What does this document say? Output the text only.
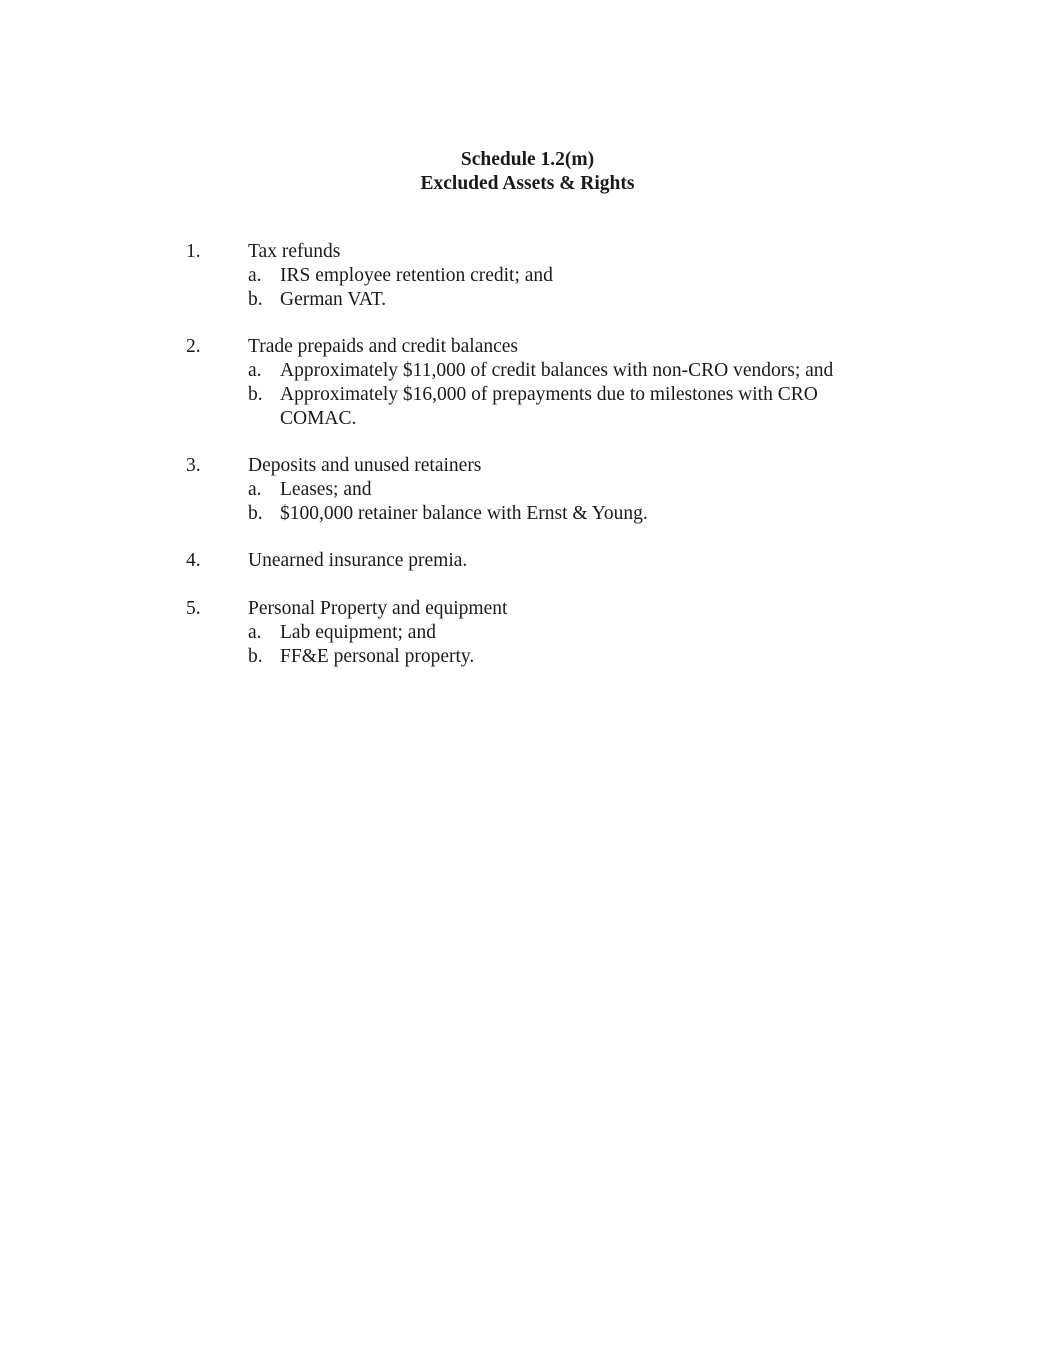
Schedule 1.2(m)
Excluded Assets & Rights
1. Tax refunds
a. IRS employee retention credit; and
b. German VAT.
2. Trade prepaids and credit balances
a. Approximately $11,000 of credit balances with non-CRO vendors; and
b. Approximately $16,000 of prepayments due to milestones with CRO COMAC.
3. Deposits and unused retainers
a. Leases; and
b. $100,000 retainer balance with Ernst & Young.
4. Unearned insurance premia.
5. Personal Property and equipment
a. Lab equipment; and
b. FF&E personal property.
